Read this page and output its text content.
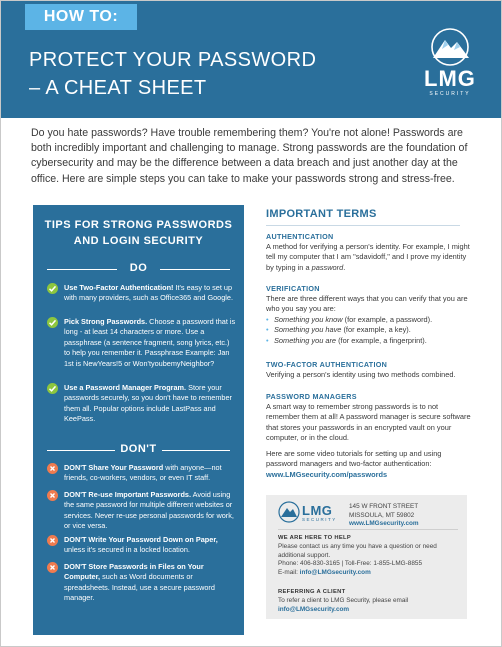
HOW TO:
PROTECT YOUR PASSWORD
– A CHEAT SHEET	LMG
SECURITY

Do you hate passwords? Have trouble remembering them? You're not alone! Passwords are both incredibly important and challenging to manage. Strong passwords are the foundation of cybersecurity and may be the difference between a data breach and just another day at the office. Here are simple steps you can take to make your passwords strong and stress-free.

TIPS FOR STRONG PASSWORDS
AND LOGIN SECURITY
DO
Use Two-Factor Authentication! It's easy to set up with many providers, such as Office365 and Google.
Pick Strong Passwords. Choose a password that is long - at least 14 characters or more. Use a passphrase (a sentence fragment, song lyrics, etc.) to help you remember it. Passphrase Example: Jan 1st is NewYears!5 or Won'tyoubemyNeighbor?
Use a Password Manager Program. Store your passwords securely, so you don't have to remember them all. Popular options include LastPass and KeePass.
DON'T
DON'T Share Your Password with anyone—not friends, co-workers, vendors, or even IT staff.
DON'T Re-use Important Passwords. Avoid using the same password for multiple different websites or services. Never re-use personal passwords for work, or vice versa.
DON'T Write Your Password Down on Paper, unless it's secured in a locked location.
DON'T Store Passwords in Files on Your Computer, such as Word documents or spreadsheets. Instead, use a secure password manager.
IMPORTANT TERMS
AUTHENTICATION

A method for verifying a person's identity. For example, I might tell my computer that I am "sdavidoff," and I prove my identity by typing in a password.

VERIFICATION

There are three different ways that you can verify that you are who you say you are:

• Something you know (for example, a password).
• Something you have (for example, a key).
• Something you are (for example, a fingerprint).
TWO-FACTOR AUTHENTICATION

Verifying a person's identity using two methods combined.

PASSWORD MANAGERS

A smart way to remember strong passwords is to not remember them at all! A password manager is secure software that stores your passwords in an encrypted vault on your computer, or in the cloud.

Here are some video tutorials for setting up and using password managers and two-factor authentication:

www.LMGsecurity.com/passwords

LMG
SECURITY
145 W FRONT STREET
MISSOULA, MT 59802
www.LMGsecurity.com
WE ARE HERE TO HELP
Please contact us any time you have a question or need additional support.
Phone: 406-830-3165 | Toll-Free: 1-855-LMG-8855
E-mail: info@LMGsecurity.com
REFERRING A CLIENT
To refer a client to LMG Security, please email
info@LMGsecurity.com
